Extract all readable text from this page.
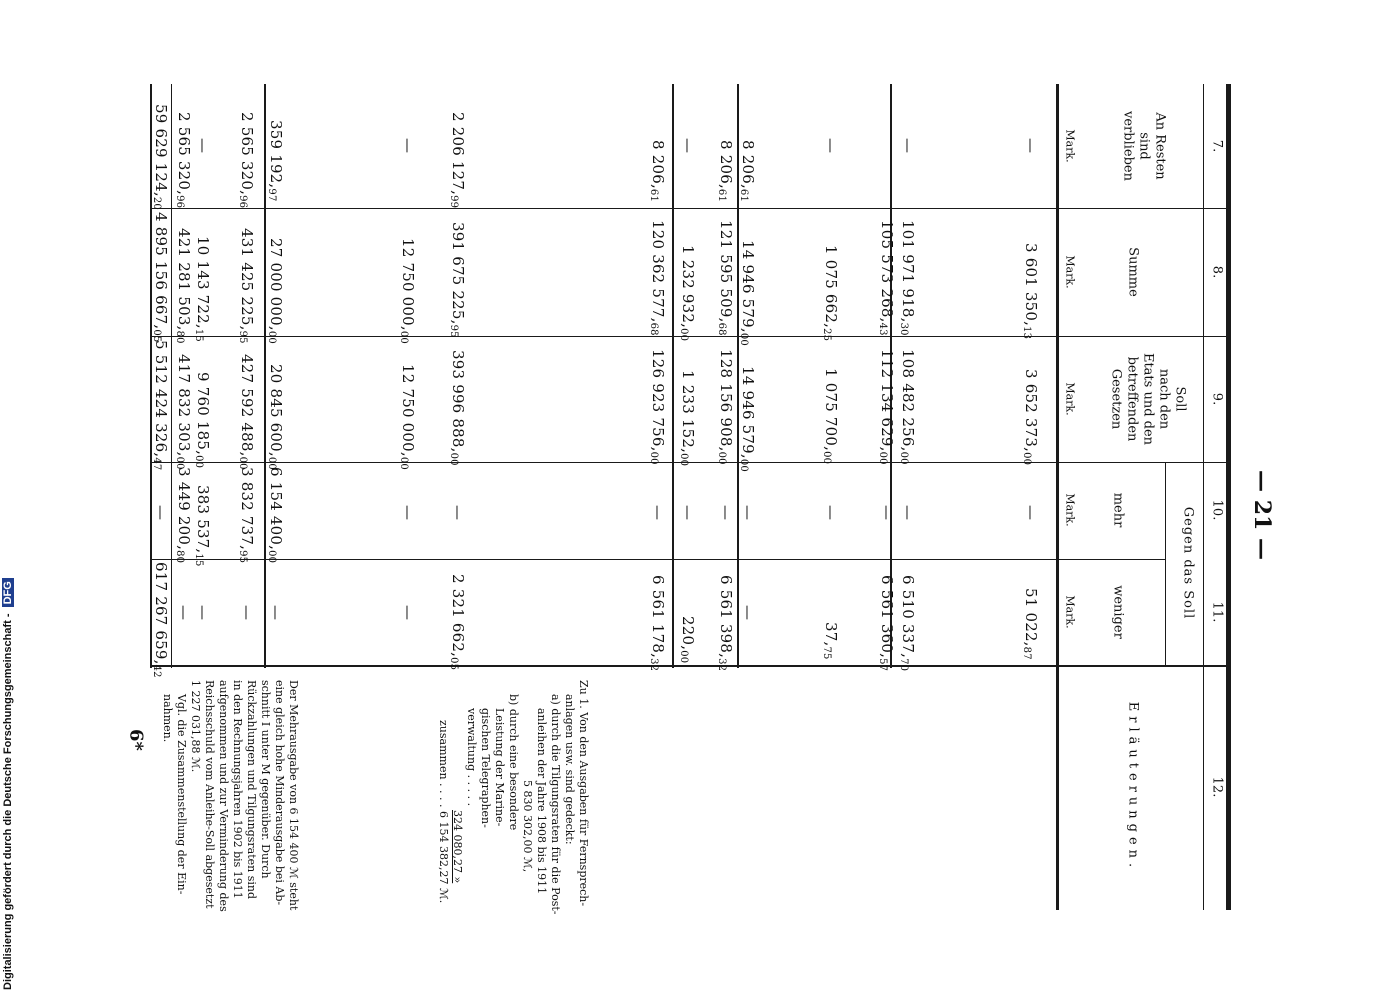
— 21 —
6*
7.
8.
9.
10.
11.
12.
An Resten
sind
verblieben
Mark.
Summe
Mark.
Soll
nach den
Etats und den
betreffenden
Gesetzen
Mark.
Gegen das Soll
mehr
Mark.
weniger
Mark.
Erläuterungen.
—
3 601 $350,_{13}$
3 652 $373,_{00}$
—
51 $022,_{87}$
—
101 971 $918,_{30}$
108 482 $256,_{00}$
—
6 510 $337,_{70}$
105 573 $268,_{43}$
112 134 $629,_{00}$
—
6 561 $360,_{57}$
—
1 075 $662,_{25}$
1 075 $700,_{00}$
—
$37,_{75}$
8 $206,_{61}$
14 946 $579,_{00}$
14 946 $579,_{00}$
—
—
8 $206,_{61}$
121 595 $509,_{68}$
128 156 $908,_{00}$
—
6 561 $398,_{32}$
—
1 232 $932,_{00}$
1 233 $152,_{00}$
—
$220,_{00}$
8 $206,_{61}$
120 362 $577,_{68}$
126 923 $756,_{00}$
—
6 561 $178,_{32}$
2 206 $127,_{99}$
391 675 $225,_{95}$
393 996 $888,_{00}$
—
2 321 $662,_{05}$
—
12 750 $000,_{00}$
12 750 $000,_{00}$
—
—
359 $192,_{97}$
27 000 $000,_{00}$
20 845 $600,_{00}$
6 154 $400,_{00}$
—
2 565 $320,_{96}$
431 425 $225,_{95}$
427 592 $488,_{00}$
3 832 $737,_{95}$
—
—
10 143 $722,_{15}$
9 760 $185,_{00}$
383 $537,_{15}$
—
2 565 $320,_{96}$
421 281 $503,_{80}$
417 832 $303,_{00}$
3 449 $200,_{80}$
—
59 629 $124,_{20}$
4 895 156 $667,_{05}$
5 512 424 $326,_{47}$
—
617 267 $659,_{42}$
Zu 1. Von den Ausgaben für Fernsprech-
anlagen usw. sind gedeckt:
a) durch die Tilgungsraten für die Post-
anleihen der Jahre 1908 bis 1911
5 830 302,00 ℳ,
b) durch eine besondere
Leistung der Marine-
gischen Telegraphen-
verwaltung . . . . .
324 080,27 »
zusammen . . . . 6 154 382,27 ℳ.
Der Mehrausgabe von 6 154 400 ℳ steht
eine gleich hohe Minderausgabe bei Ab-
schnitt I unter M gegenüber. Durch
Rückzahlungen und Tilgungsraten sind
in den Rechnungsjahren 1902 bis 1911
aufgenommen und zur Verminderung des
Reichsschuld vom Anleihe-Soll abgesetzt
1 227 031,88 ℳ.
Vgl. die Zusammenstellung der Ein-
nahmen.
Digitalisierung gefördert durch die Deutsche Forschungsgemeinschaft - DFG
